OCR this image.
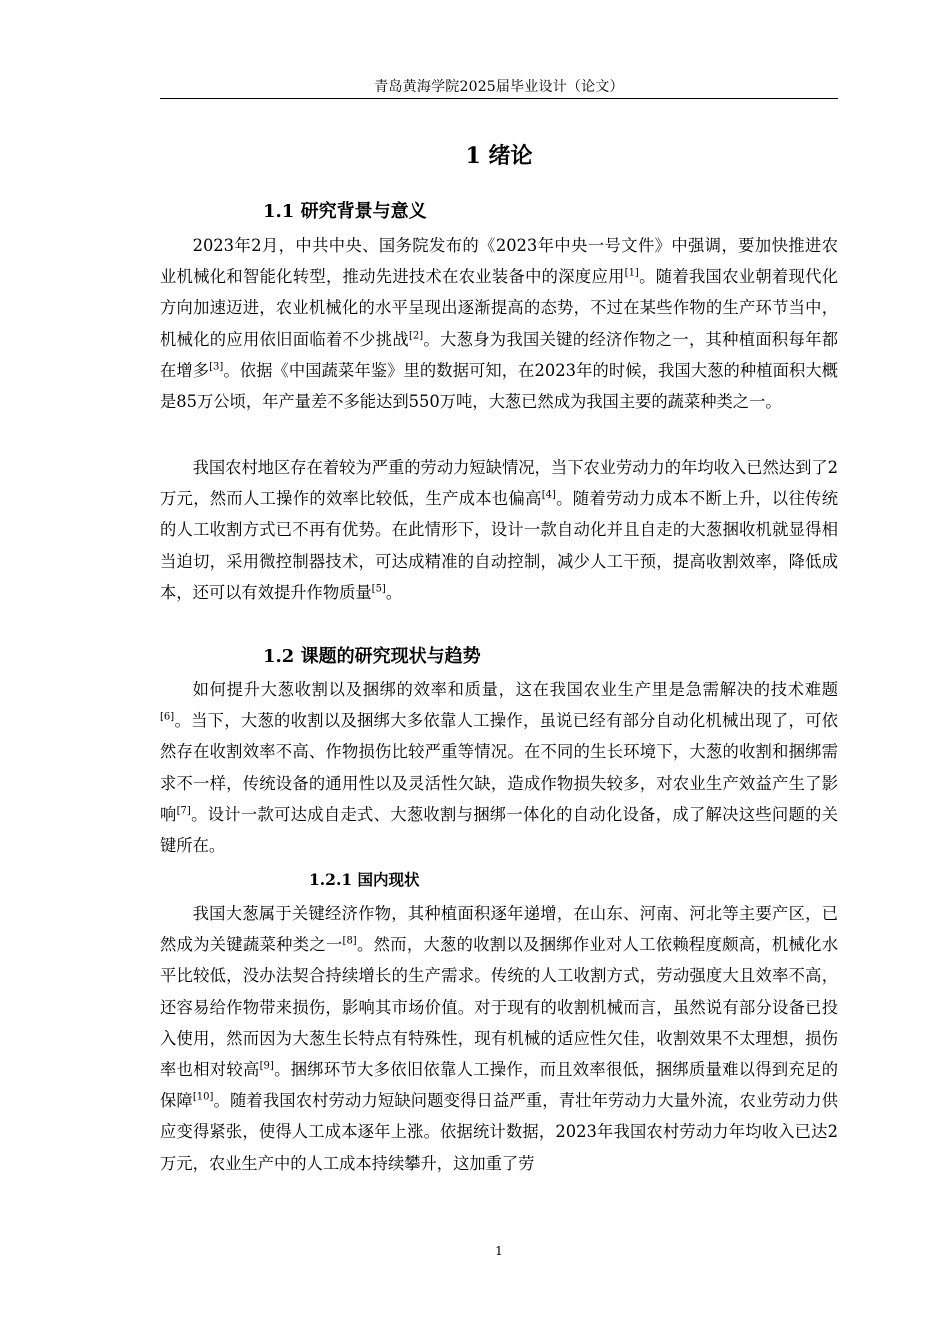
青岛黄海学院2025届毕业设计（论文）
1 绪论
1.1 研究背景与意义

2023年2月，中共中央、国务院发布的《2023年中央一号文件》中强调，要加快推进农业机械化和智能化转型，推动先进技术在农业装备中的深度应用[1]。随着我国农业朝着现代化方向加速迈进，农业机械化的水平呈现出逐渐提高的态势，不过在某些作物的生产环节当中，机械化的应用依旧面临着不少挑战[2]。大葱身为我国关键的经济作物之一，其种植面积每年都在增多[3]。依据《中国蔬菜年鉴》里的数据可知，在2023年的时候，我国大葱的种植面积大概是85万公顷，年产量差不多能达到550万吨，大葱已然成为我国主要的蔬菜种类之一。

我国农村地区存在着较为严重的劳动力短缺情况，当下农业劳动力的年均收入已然达到了2万元，然而人工操作的效率比较低，生产成本也偏高[4]。随着劳动力成本不断上升，以往传统的人工收割方式已不再有优势。在此情形下，设计一款自动化并且自走的大葱捆收机就显得相当迫切，采用微控制器技术，可达成精准的自动控制，减少人工干预，提高收割效率，降低成本，还可以有效提升作物质量[5]。

1.2 课题的研究现状与趋势

如何提升大葱收割以及捆绑的效率和质量，这在我国农业生产里是急需解决的技术难题[6]。当下，大葱的收割以及捆绑大多依靠人工操作，虽说已经有部分自动化机械出现了，可依然存在收割效率不高、作物损伤比较严重等情况。在不同的生长环境下，大葱的收割和捆绑需求不一样，传统设备的通用性以及灵活性欠缺，造成作物损失较多，对农业生产效益产生了影响[7]。设计一款可达成自走式、大葱收割与捆绑一体化的自动化设备，成了解决这些问题的关键所在。

1.2.1 国内现状

我国大葱属于关键经济作物，其种植面积逐年递增，在山东、河南、河北等主要产区，已然成为关键蔬菜种类之一[8]。然而，大葱的收割以及捆绑作业对人工依赖程度颇高，机械化水平比较低，没办法契合持续增长的生产需求。传统的人工收割方式，劳动强度大且效率不高，还容易给作物带来损伤，影响其市场价值。对于现有的收割机械而言，虽然说有部分设备已投入使用，然而因为大葱生长特点有特殊性，现有机械的适应性欠佳，收割效果不太理想，损伤率也相对较高[9]。捆绑环节大多依旧依靠人工操作，而且效率很低，捆绑质量难以得到充足的保障[10]。随着我国农村劳动力短缺问题变得日益严重，青壮年劳动力大量外流，农业劳动力供应变得紧张，使得人工成本逐年上涨。依据统计数据，2023年我国农村劳动力年均收入已达2万元，农业生产中的人工成本持续攀升，这加重了劳

1
